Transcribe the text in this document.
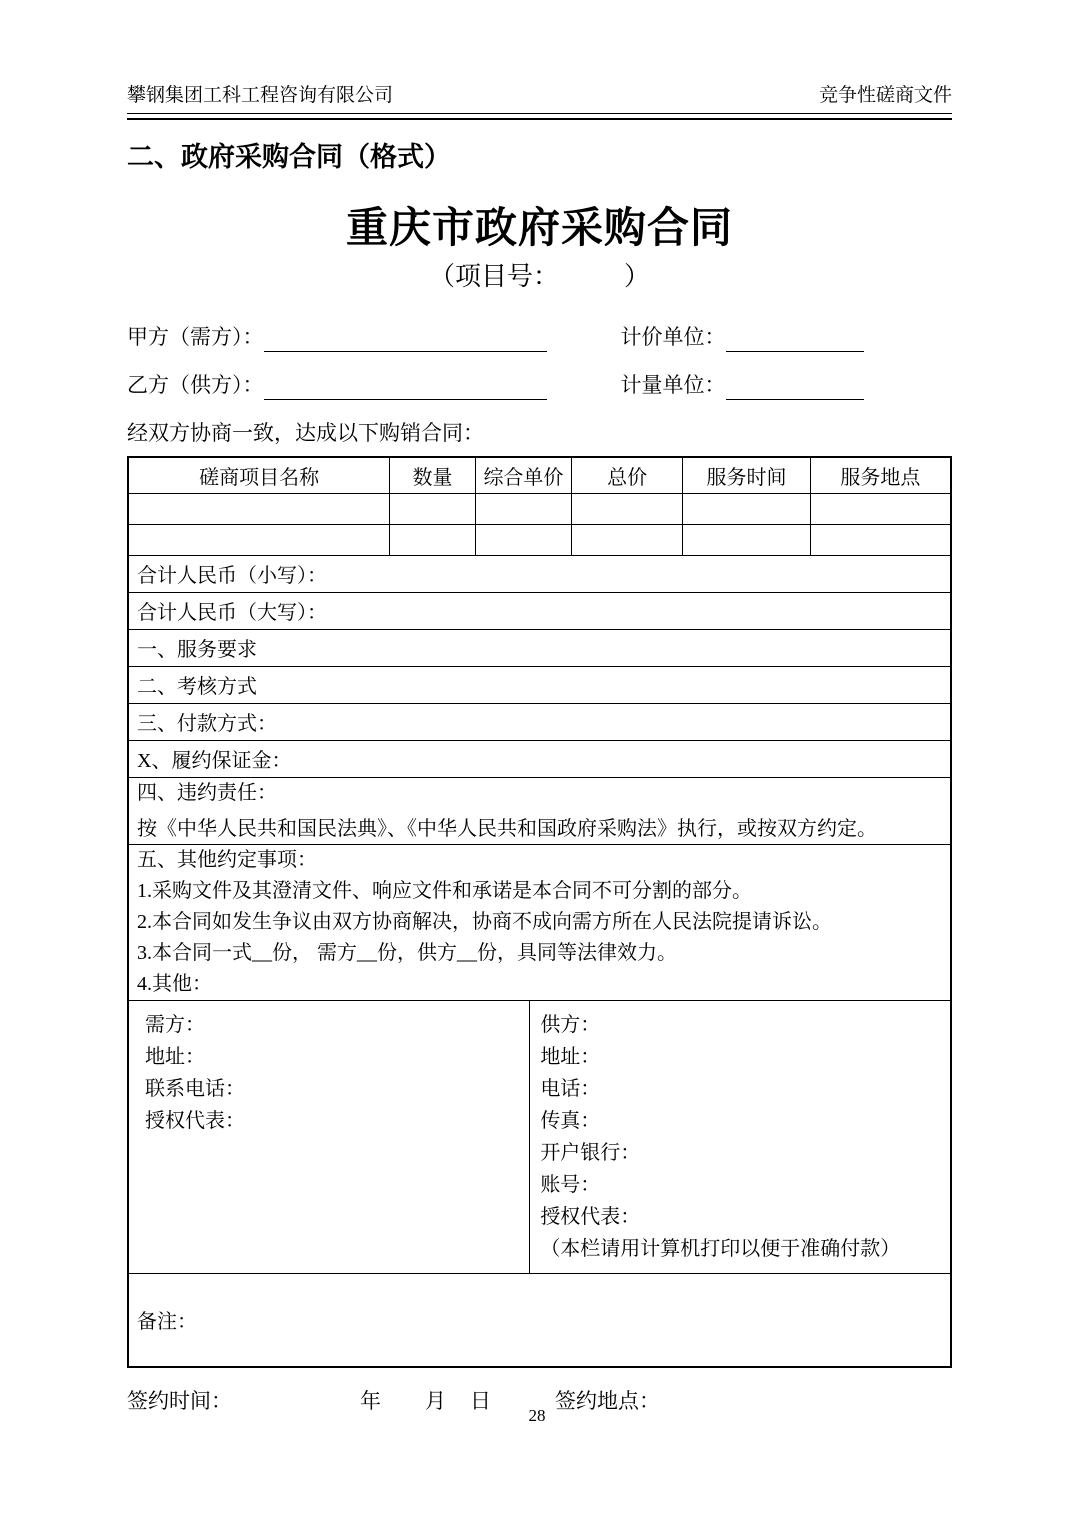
攀钢集团工科工程咨询有限公司	竞争性磋商文件
二、政府采购合同（格式）
重庆市政府采购合同
（项目号：          ）
甲方（需方）：	计价单位：
乙方（供方）：	计量单位：
经双方协商一致，达成以下购销合同：
磋商项目名称	数量	综合单价	总价	服务时间	服务地点

合计人民币（小写）：					
合计人民币（大写）：					
一、服务要求					
二、考核方式					
三、付款方式：					
X、履约保证金：					

四、违约责任：

按《中华人民共和国民法典》、《中华人民共和国政府采购法》执行，或按双方约定。					

五、其他约定事项：

1.采购文件及其澄清文件、响应文件和承诺是本合同不可分割的部分。

2.本合同如发生争议由双方协商解决，协商不成向需方所在人民法院提请诉讼。

3.本合同一式__份， 需方__份，供方__份，具同等法律效力。

4.其他：					

需方：

地址：

联系电话：

授权代表：

供方：

地址：

电话：

传真：

开户银行：

账号：

授权代表：

（本栏请用计算机打印以便于准确付款）

备注：					
签约时间：	年 月 日	签约地点：
28
